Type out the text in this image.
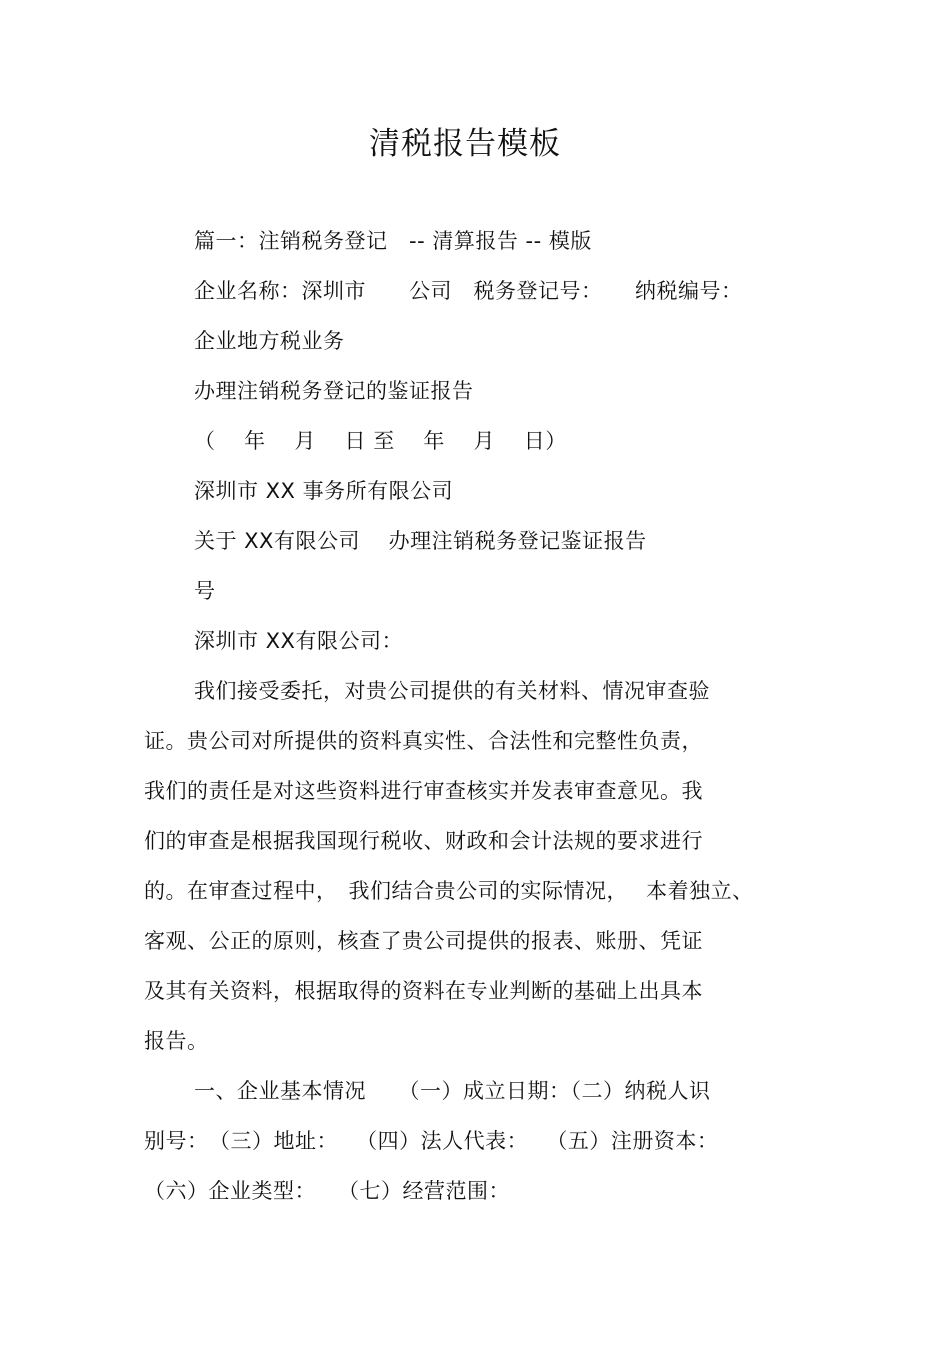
清税报告模板
篇一：注销税务登记　-- 清算报告 -- 模版
企业名称：深圳市　　公司　税务登记号：　　纳税编号：
企业地方税业务
办理注销税务登记的鉴证报告
（　 年　 月　 日 至　 年　 月　 日）
深圳市 XX 事务所有限公司
关于 XX有限公司　 办理注销税务登记鉴证报告
号
深圳市 XX有限公司：
我们接受委托，对贵公司提供的有关材料、情况审查验
证。贵公司对所提供的资料真实性、合法性和完整性负责，
我们的责任是对这些资料进行审查核实并发表审查意见。我
们的审查是根据我国现行税收、财政和会计法规的要求进行
的。在审查过程中，　我们结合贵公司的实际情况，　 本着独立、
客观、公正的原则，核查了贵公司提供的报表、账册、凭证
及其有关资料，根据取得的资料在专业判断的基础上出具本
报告。
一、企业基本情况　　（一）成立日期：（二）纳税人识
别号：　（三）地址：　 （四）法人代表：　 （五）注册资本：
（六）企业类型：　　（七）经营范围：
